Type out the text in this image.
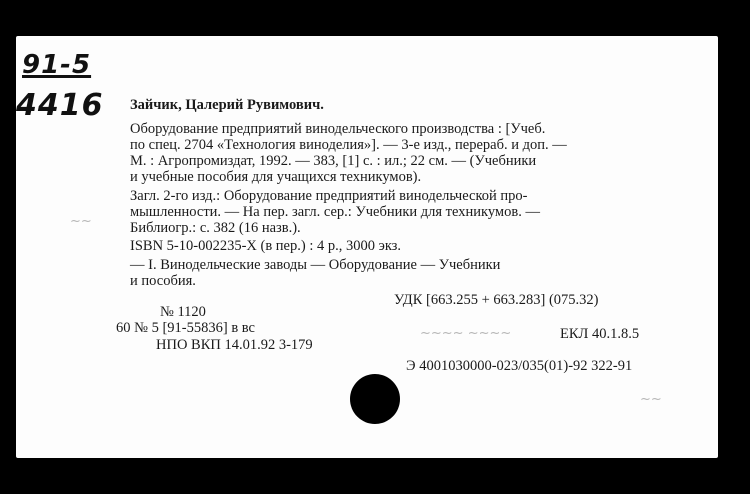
91-5
4416 Зайчик, Цалерий Рувимович.
Оборудование предприятий винодельческого производства : [Учеб.
по спец. 2704 «Технология виноделия»]. — 3-е изд., перераб. и доп. —
М. : Агропромиздат, 1992. — 383, [1] с. : ил.; 22 см. — (Учебники
и учебные пособия для учащихся техникумов).
Загл. 2-го изд.: Оборудование предприятий винодельческой про-
мышленности. — На пер. загл. сер.: Учебники для техникумов. —
Библиогр.: с. 382 (16 назв.).
ISBN 5-10-002235-X (в пер.) : 4 р., 3000 экз.
— I. Винодельческие заводы — Оборудование — Учебники
и пособия.
УДК [663.255 + 663.283] (075.32)
№ 1120
60 № 5 [91-55836] в вс	ЕКЛ 40.1.8.5
НПО ВКП 14.01.92 3-179
Э 4001030000-023/035(01)-92 322-91
~~
~~~~ ~~~~
~~
